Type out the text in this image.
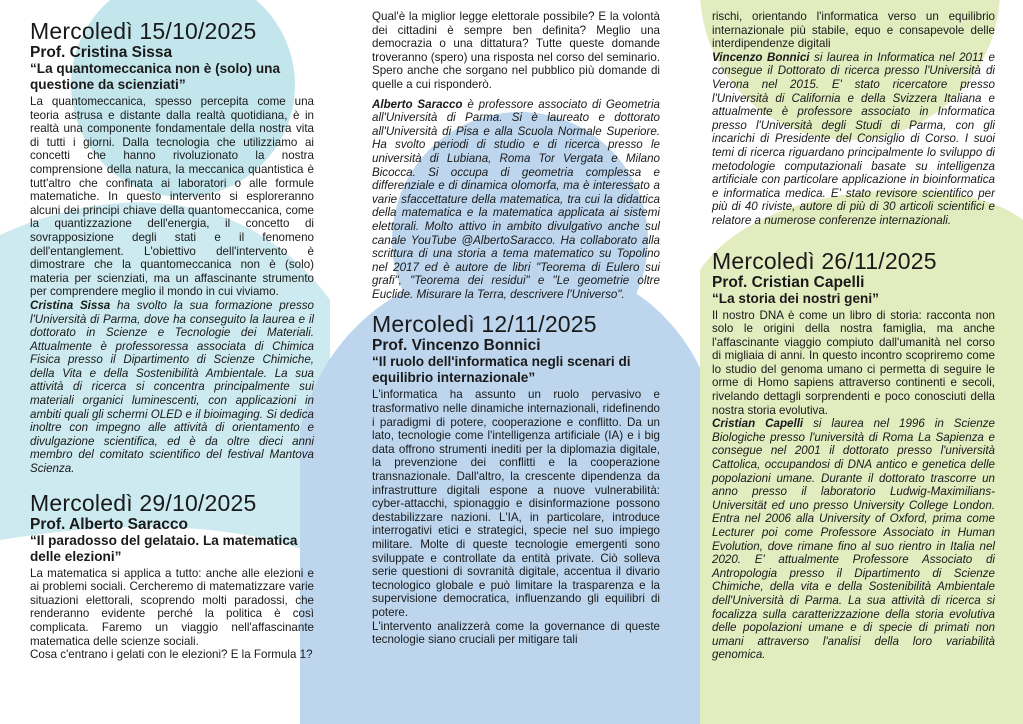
Mercoledì 15/10/2025
Prof. Cristina Sissa
“La quantomeccanica non è (solo) una questione da scienziati”

La quantomeccanica, spesso percepita come una teoria astrusa e distante dalla realtà quotidiana, è in realtà una componente fondamentale della nostra vita di tutti i giorni. Dalla tecnologia che utilizziamo ai concetti che hanno rivoluzionato la nostra comprensione della natura, la meccanica quantistica è tutt'altro che confinata ai laboratori o alle formule matematiche. In questo intervento si esploreranno alcuni dei principi chiave della quantomeccanica, come la quantizzazione dell'energia, il concetto di sovrapposizione degli stati e il fenomeno dell'entanglement. L'obiettivo dell'intervento è dimostrare che la quantomeccanica non è (solo) materia per scienziati, ma un affascinante strumento per comprendere meglio il mondo in cui viviamo.

Cristina Sissa ha svolto la sua formazione presso l'Università di Parma, dove ha conseguito la laurea e il dottorato in Scienze e Tecnologie dei Materiali. Attualmente è professoressa associata di Chimica Fisica presso il Dipartimento di Scienze Chimiche, della Vita e della Sostenibilità Ambientale. La sua attività di ricerca si concentra principalmente sui materiali organici luminescenti, con applicazioni in ambiti quali gli schermi OLED e il bioimaging. Si dedica inoltre con impegno alle attività di orientamento e divulgazione scientifica, ed è da oltre dieci anni membro del comitato scientifico del festival Mantova Scienza.

Mercoledì 29/10/2025
Prof. Alberto Saracco
“Il paradosso del gelataio. La matematica delle elezioni”

La matematica si applica a tutto: anche alle elezioni e ai problemi sociali. Cercheremo di matematizzare varie situazioni elettorali, scoprendo molti paradossi, che renderanno evidente perché la politica è così complicata. Faremo un viaggio nell'affascinante matematica delle scienze sociali.

Cosa c'entrano i gelati con le elezioni? E la Formula 1?

Qual'è la miglior legge elettorale possibile? E la volontà dei cittadini è sempre ben definita? Meglio una democrazia o una dittatura? Tutte queste domande troveranno (spero) una risposta nel corso del seminario. Spero anche che sorgano nel pubblico più domande di quelle a cui risponderò.

Alberto Saracco è professore associato di Geometria all'Università di Parma. Si è laureato e dottorato all'Università di Pisa e alla Scuola Normale Superiore. Ha svolto periodi di studio e di ricerca presso le università di Lubiana, Roma Tor Vergata e Milano Bicocca. Si occupa di geometria complessa e differenziale e di dinamica olomorfa, ma è interessato a varie sfaccettature della matematica, tra cui la didattica della matematica e la matematica applicata ai sistemi elettorali. Molto attivo in ambito divulgativo anche sul canale YouTube @AlbertoSaracco. Ha collaborato alla scrittura di una storia a tema matematico su Topolino nel 2017 ed è autore de libri "Teorema di Eulero sui grafi", "Teorema dei residui" e "Le geometrie oltre Euclide. Misurare la Terra, descrivere l'Universo".

Mercoledì 12/11/2025
Prof. Vincenzo Bonnici
“Il ruolo dell'informatica negli scenari di equilibrio internazionale”

L'informatica ha assunto un ruolo pervasivo e trasformativo nelle dinamiche internazionali, ridefinendo i paradigmi di potere, cooperazione e conflitto. Da un lato, tecnologie come l'intelligenza artificiale (IA) e i big data offrono strumenti inediti per la diplomazia digitale, la prevenzione dei conflitti e la cooperazione transnazionale. Dall'altro, la crescente dipendenza da infrastrutture digitali espone a nuove vulnerabilità: cyber-attacchi, spionaggio e disinformazione possono destabilizzare nazioni. L'IA, in particolare, introduce interrogativi etici e strategici, specie nel suo impiego militare. Molte di queste tecnologie emergenti sono sviluppate e controllate da entità private. Ciò solleva serie questioni di sovranità digitale, accentua il divario tecnologico globale e può limitare la trasparenza e la supervisione democratica, influenzando gli equilibri di potere.

L'intervento analizzerà come la governance di queste tecnologie siano cruciali per mitigare tali

rischi, orientando l'informatica verso un equilibrio internazionale più stabile, equo e consapevole delle interdipendenze digitali

Vincenzo Bonnici si laurea in Informatica nel 2011 e consegue il Dottorato di ricerca presso l'Università di Verona nel 2015. E' stato ricercatore presso l'Università di California e della Svizzera Italiana e attualmente è professore associato in Informatica presso l'Università degli Studi di Parma, con gli incarichi di Presidente del Consiglio di Corso. I suoi temi di ricerca riguardano principalmente lo sviluppo di metodologie computazionali basate su intelligenza artificiale con particolare applicazione in bioinformatica e informatica medica. E' stato revisore scientifico per più di 40 riviste, autore di più di 30 articoli scientifici e relatore a numerose conferenze internazionali.

Mercoledì 26/11/2025
Prof. Cristian Capelli
“La storia dei nostri geni”

Il nostro DNA è come un libro di storia: racconta non solo le origini della nostra famiglia, ma anche l'affascinante viaggio compiuto dall'umanità nel corso di migliaia di anni. In questo incontro scopriremo come lo studio del genoma umano ci permetta di seguire le orme di Homo sapiens attraverso continenti e secoli, rivelando dettagli sorprendenti e poco conosciuti della nostra storia evolutiva.

Cristian Capelli si laurea nel 1996 in Scienze Biologiche presso l'università di Roma La Sapienza e consegue nel 2001 il dottorato presso l'università Cattolica, occupandosi di DNA antico e genetica delle popolazioni umane. Durante il dottorato trascorre un anno presso il laboratorio Ludwig-Maximilians-Universität ed uno presso University College London. Entra nel 2006 alla University of Oxford, prima come Lecturer poi come Professore Associato in Human Evolution, dove rimane fino al suo rientro in Italia nel 2020. E' attualmente Professore Associato di Antropologia presso il Dipartimento di Scienze Chimiche, della vita e della Sostenibilità Ambientale dell'Università di Parma. La sua attività di ricerca si focalizza sulla caratterizzazione della storia evolutiva delle popolazioni umane e di specie di primati non umani attraverso l'analisi della loro variabilità genomica.
